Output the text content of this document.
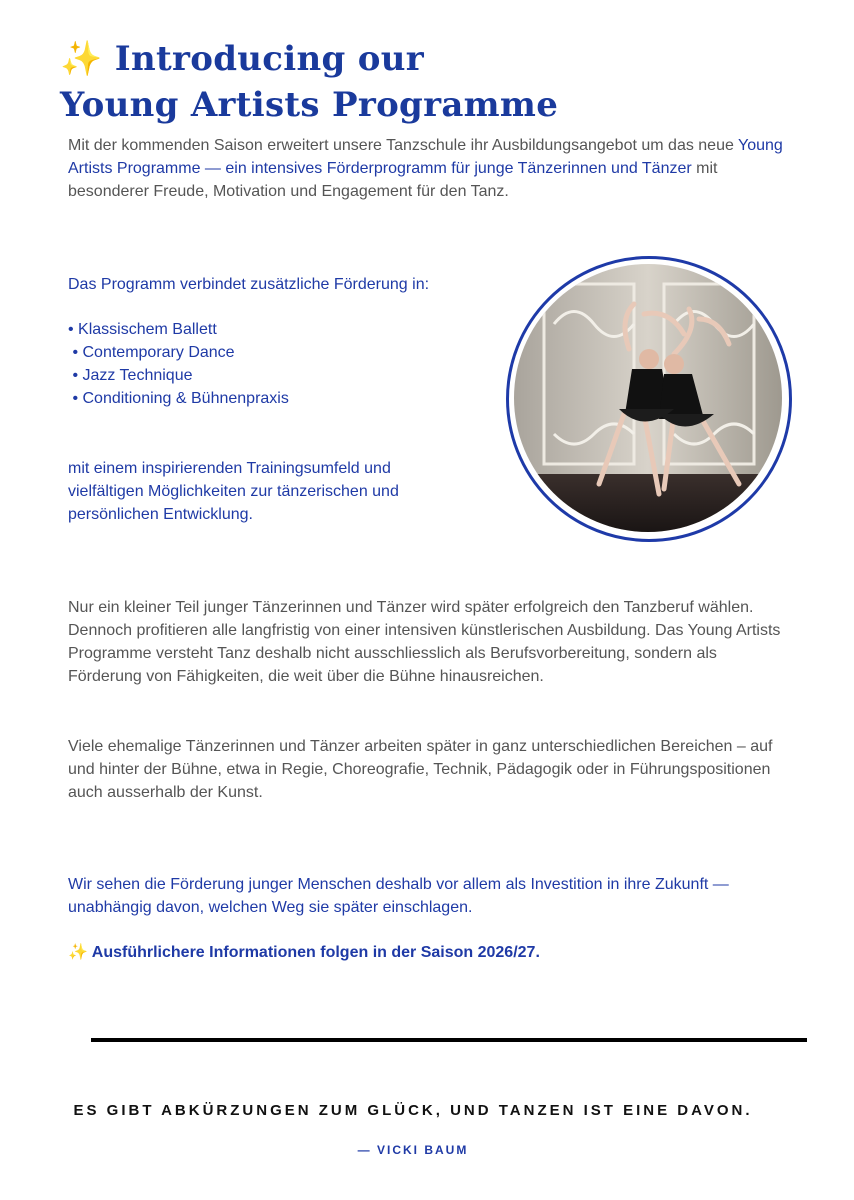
✨ Introducing our
Young Artists Programme
Mit der kommenden Saison erweitert unsere Tanzschule ihr Ausbildungsangebot um das neue Young Artists Programme — ein intensives Förderprogramm für junge Tänzerinnen und Tänzer mit besonderer Freude, Motivation und Engagement für den Tanz.
Das Programm verbindet zusätzliche Förderung in:
• Klassischem Ballett
• Contemporary Dance
• Jazz Technique
• Conditioning & Bühnenpraxis
mit einem inspirierenden Trainingsumfeld und vielfältigen Möglichkeiten zur tänzerischen und persönlichen Entwicklung.
Nur ein kleiner Teil junger Tänzerinnen und Tänzer wird später erfolgreich den Tanzberuf wählen. Dennoch profitieren alle langfristig von einer intensiven künstlerischen Ausbildung. Das Young Artists Programme versteht Tanz deshalb nicht ausschliesslich als Berufsvorbereitung, sondern als Förderung von Fähigkeiten, die weit über die Bühne hinausreichen.
Viele ehemalige Tänzerinnen und Tänzer arbeiten später in ganz unterschiedlichen Bereichen – auf und hinter der Bühne, etwa in Regie, Choreografie, Technik, Pädagogik oder in Führungspositionen auch ausserhalb der Kunst.
Wir sehen die Förderung junger Menschen deshalb vor allem als Investition in ihre Zukunft — unabhängig davon, welchen Weg sie später einschlagen.
✨ Ausführlichere Informationen folgen in der Saison 2026/27.
ES GIBT ABKÜRZUNGEN ZUM GLÜCK, UND TANZEN IST EINE DAVON.
— VICKI BAUM
